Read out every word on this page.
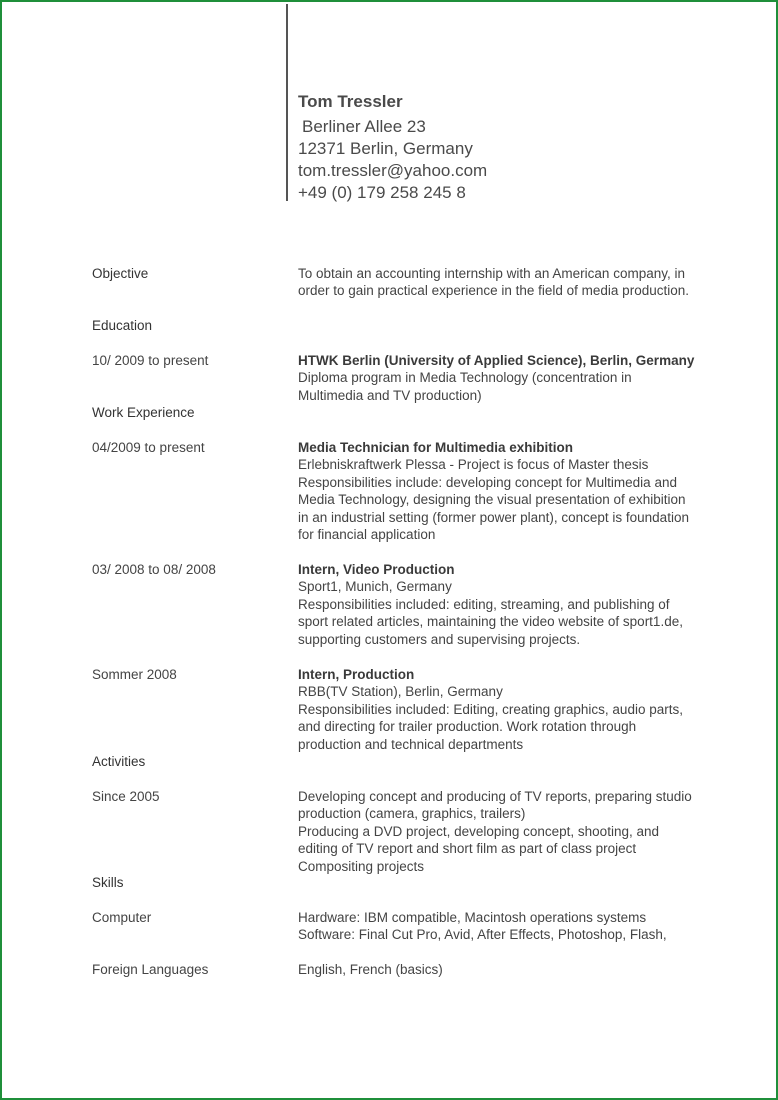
Tom Tressler
Berliner Allee 23
12371 Berlin, Germany
tom.tressler@yahoo.com
+49 (0) 179 258 245 8
Objective	To obtain an accounting internship with an American company, in
order to gain practical experience in the field of media production.
Education
10/ 2009 to present	HTWK Berlin (University of Applied Science), Berlin, Germany
Diploma program in Media Technology (concentration in
Multimedia and TV production)
Work Experience
04/2009 to present	Media Technician for Multimedia exhibition
Erlebniskraftwerk Plessa - Project is focus of Master thesis
Responsibilities include: developing concept for Multimedia and
Media Technology, designing the visual presentation of exhibition
in an industrial setting (former power plant), concept is foundation
for financial application
03/ 2008 to 08/ 2008	Intern, Video Production
Sport1, Munich, Germany
Responsibilities included: editing, streaming, and publishing of
sport related articles, maintaining the video website of sport1.de,
supporting customers and supervising projects.
Sommer 2008	Intern, Production
RBB(TV Station), Berlin, Germany
Responsibilities included: Editing, creating graphics, audio parts,
and directing for trailer production. Work rotation through
production and technical departments
Activities
Since 2005	Developing concept and producing of TV reports, preparing studio
production (camera, graphics, trailers)
Producing a DVD project, developing concept, shooting, and
editing of TV report and short film as part of class project
Compositing projects
Skills
Computer	Hardware: IBM compatible, Macintosh operations systems
Software: Final Cut Pro, Avid, After Effects, Photoshop, Flash,
Foreign Languages	English, French (basics)
